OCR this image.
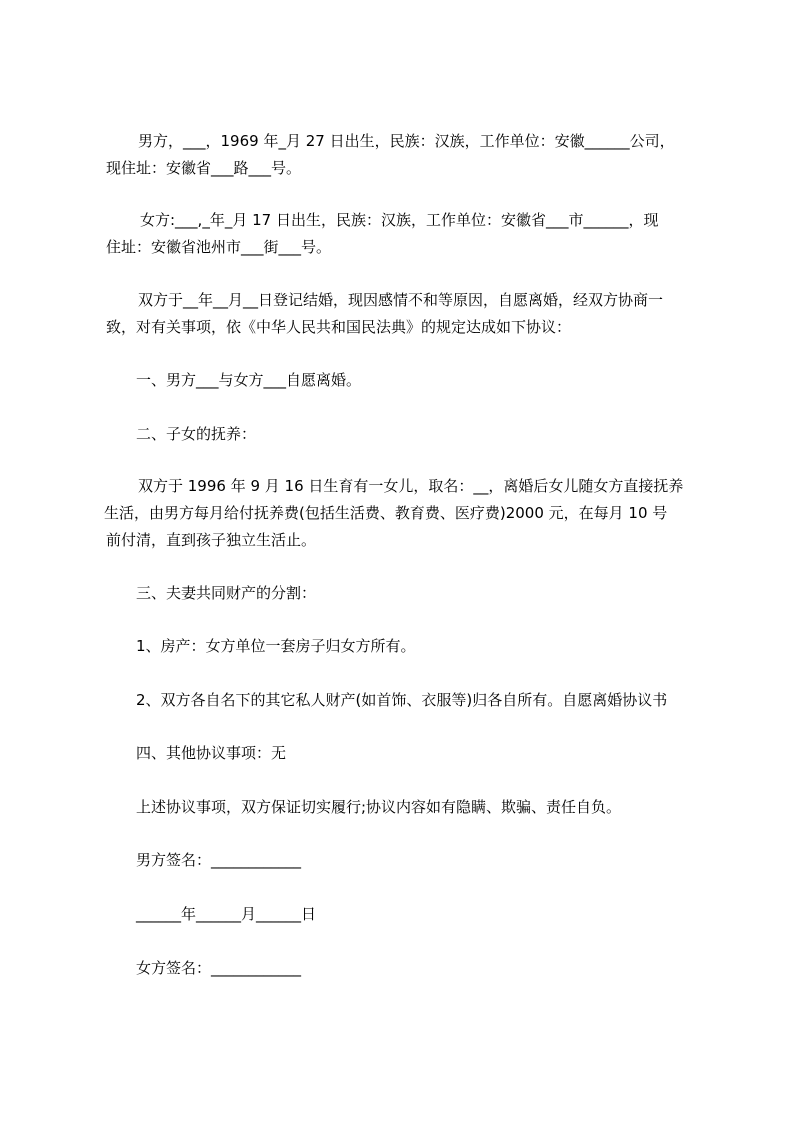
男方，___，1969 年_月 27 日出生，民族：汉族，工作单位：安徽______公司，
现住址：安徽省___路___号。
女方:___,_年_月 17 日出生，民族：汉族，工作单位：安徽省___市______，现
住址：安徽省池州市___街___号。
双方于__年__月__日登记结婚，现因感情不和等原因，自愿离婚，经双方协商一
致，对有关事项，依《中华人民共和国民法典》的规定达成如下协议：
一、男方___与女方___自愿离婚。
二、子女的抚养：
双方于 1996 年 9 月 16 日生育有一女儿，取名：__，离婚后女儿随女方直接抚养
生活，由男方每月给付抚养费(包括生活费、教育费、医疗费)2000 元，在每月 10 号
前付清，直到孩子独立生活止。
三、夫妻共同财产的分割：
1、房产：女方单位一套房子归女方所有。
2、双方各自名下的其它私人财产(如首饰、衣服等)归各自所有。自愿离婚协议书
四、其他协议事项：无
上述协议事项，双方保证切实履行;协议内容如有隐瞒、欺骗、责任自负。
男方签名：____________
______年______月______日
女方签名：____________
